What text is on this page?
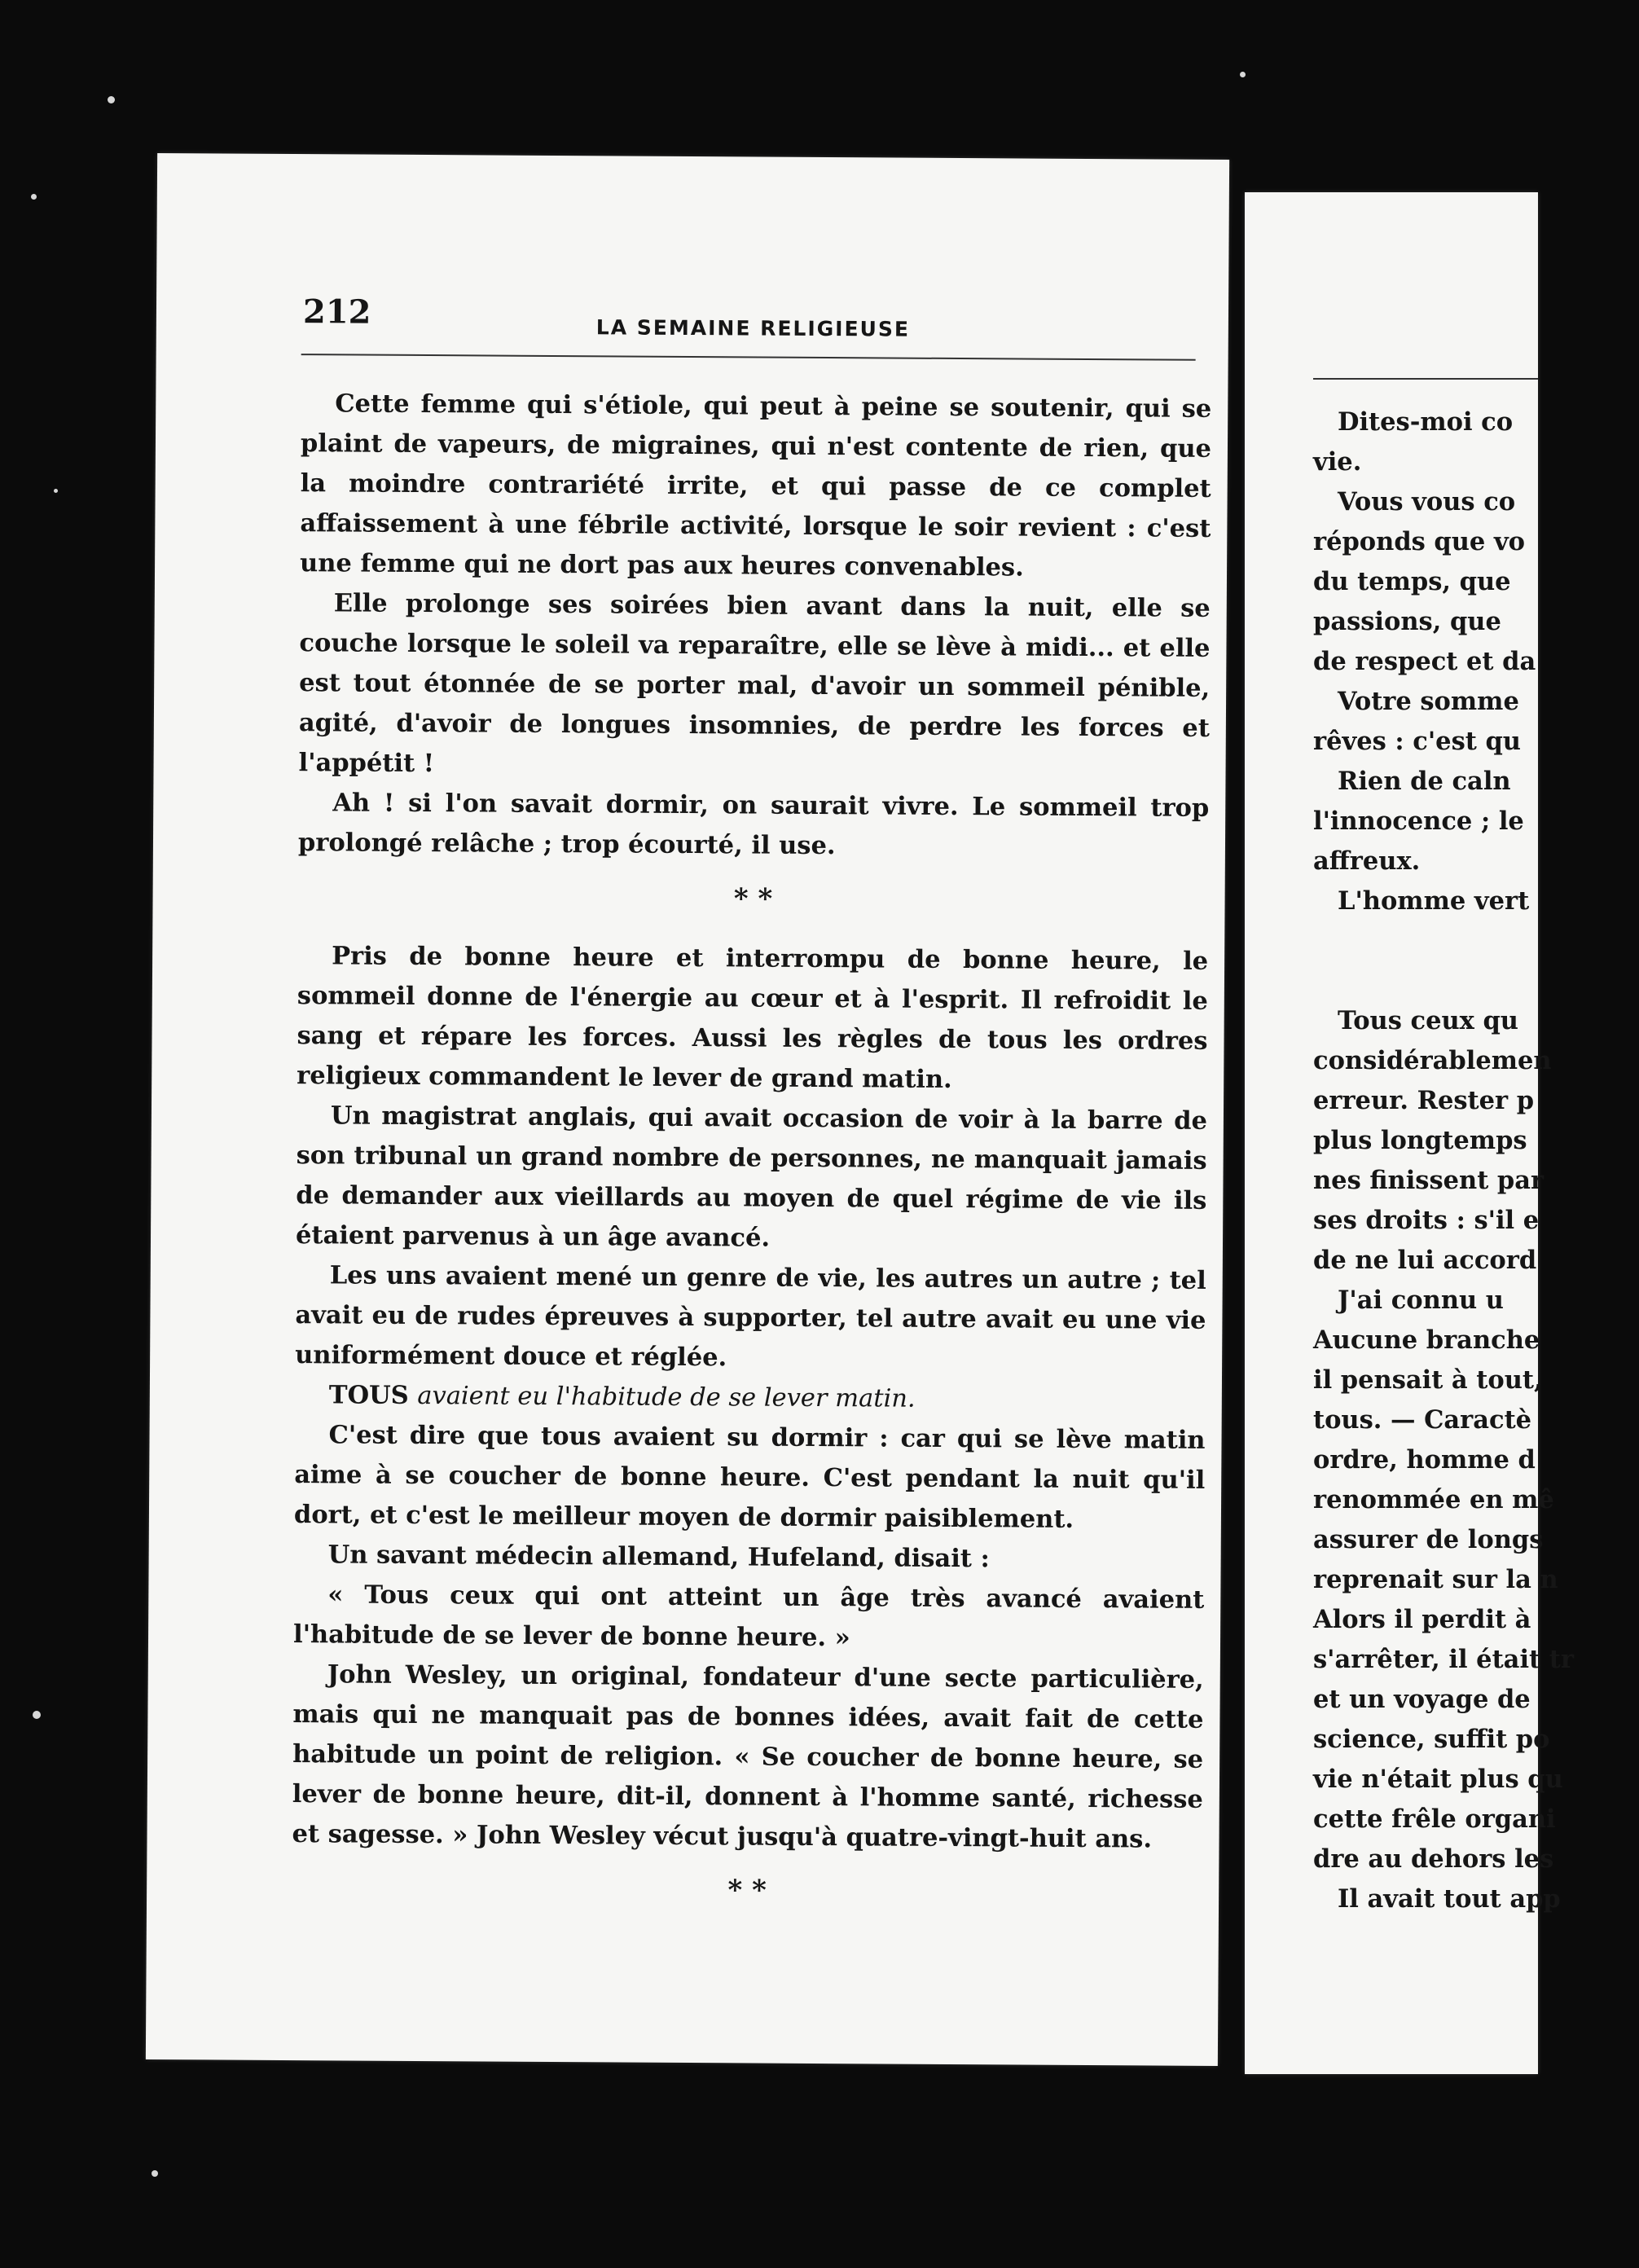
212	LA SEMAINE RELIGIEUSE

Cette femme qui s'étiole, qui peut à peine se soutenir, qui se plaint de vapeurs, de migraines, qui n'est contente de rien, que la moindre contrariété irrite, et qui passe de ce complet affaissement à une fébrile activité, lorsque le soir revient : c'est une femme qui ne dort pas aux heures convenables.

Elle prolonge ses soirées bien avant dans la nuit, elle se couche lorsque le soleil va reparaître, elle se lève à midi... et elle est tout étonnée de se porter mal, d'avoir un sommeil pénible, agité, d'avoir de longues insomnies, de perdre les forces et l'appétit !

Ah ! si l'on savait dormir, on saurait vivre. Le sommeil trop prolongé relâche ; trop écourté, il use.

* *

Pris de bonne heure et interrompu de bonne heure, le sommeil donne de l'énergie au cœur et à l'esprit. Il refroidit le sang et répare les forces. Aussi les règles de tous les ordres religieux commandent le lever de grand matin.

Un magistrat anglais, qui avait occasion de voir à la barre de son tribunal un grand nombre de personnes, ne manquait jamais de demander aux vieillards au moyen de quel régime de vie ils étaient parvenus à un âge avancé.

Les uns avaient mené un genre de vie, les autres un autre ; tel avait eu de rudes épreuves à supporter, tel autre avait eu une vie uniformément douce et réglée.

TOUS avaient eu l'habitude de se lever matin.

C'est dire que tous avaient su dormir : car qui se lève matin aime à se coucher de bonne heure. C'est pendant la nuit qu'il dort, et c'est le meilleur moyen de dormir paisiblement.

Un savant médecin allemand, Hufeland, disait :

« Tous ceux qui ont atteint un âge très avancé avaient l'habitude de se lever de bonne heure. »

John Wesley, un original, fondateur d'une secte particulière, mais qui ne manquait pas de bonnes idées, avait fait de cette habitude un point de religion. « Se coucher de bonne heure, se lever de bonne heure, dit-il, donnent à l'homme santé, richesse et sagesse. » John Wesley vécut jusqu'à quatre-vingt-huit ans.

* *

Dites-moi co

vie.

Vous vous co

réponds que vo

du temps, que

passions, que

de respect et da

Votre somme

rêves : c'est qu

Rien de caln

l'innocence ; le

affreux.

L'homme vert

Tous ceux qu

considérablemen

erreur. Rester p

plus longtemps

nes finissent par

ses droits : s'il e

de ne lui accord

J'ai connu u

Aucune branche

il pensait à tout,

tous. — Caractè

ordre, homme d

renommée en mê

assurer de longs

reprenait sur la n

Alors il perdit à

s'arrêter, il était tr

et un voyage de

science, suffit po

vie n'était plus qu

cette frêle organi

dre au dehors les

Il avait tout app
